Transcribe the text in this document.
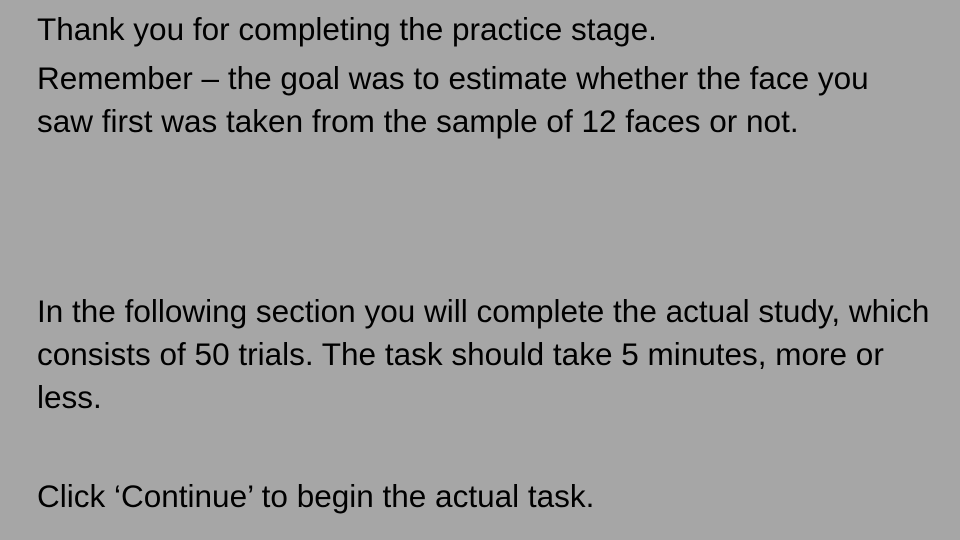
Thank you for completing the practice stage.

Remember – the goal was to estimate whether the face you saw first was taken from the sample of 12 faces or not.

In the following section you will complete the actual study, which consists of 50 trials. The task should take 5 minutes, more or less.

Click ‘Continue’ to begin the actual task.
